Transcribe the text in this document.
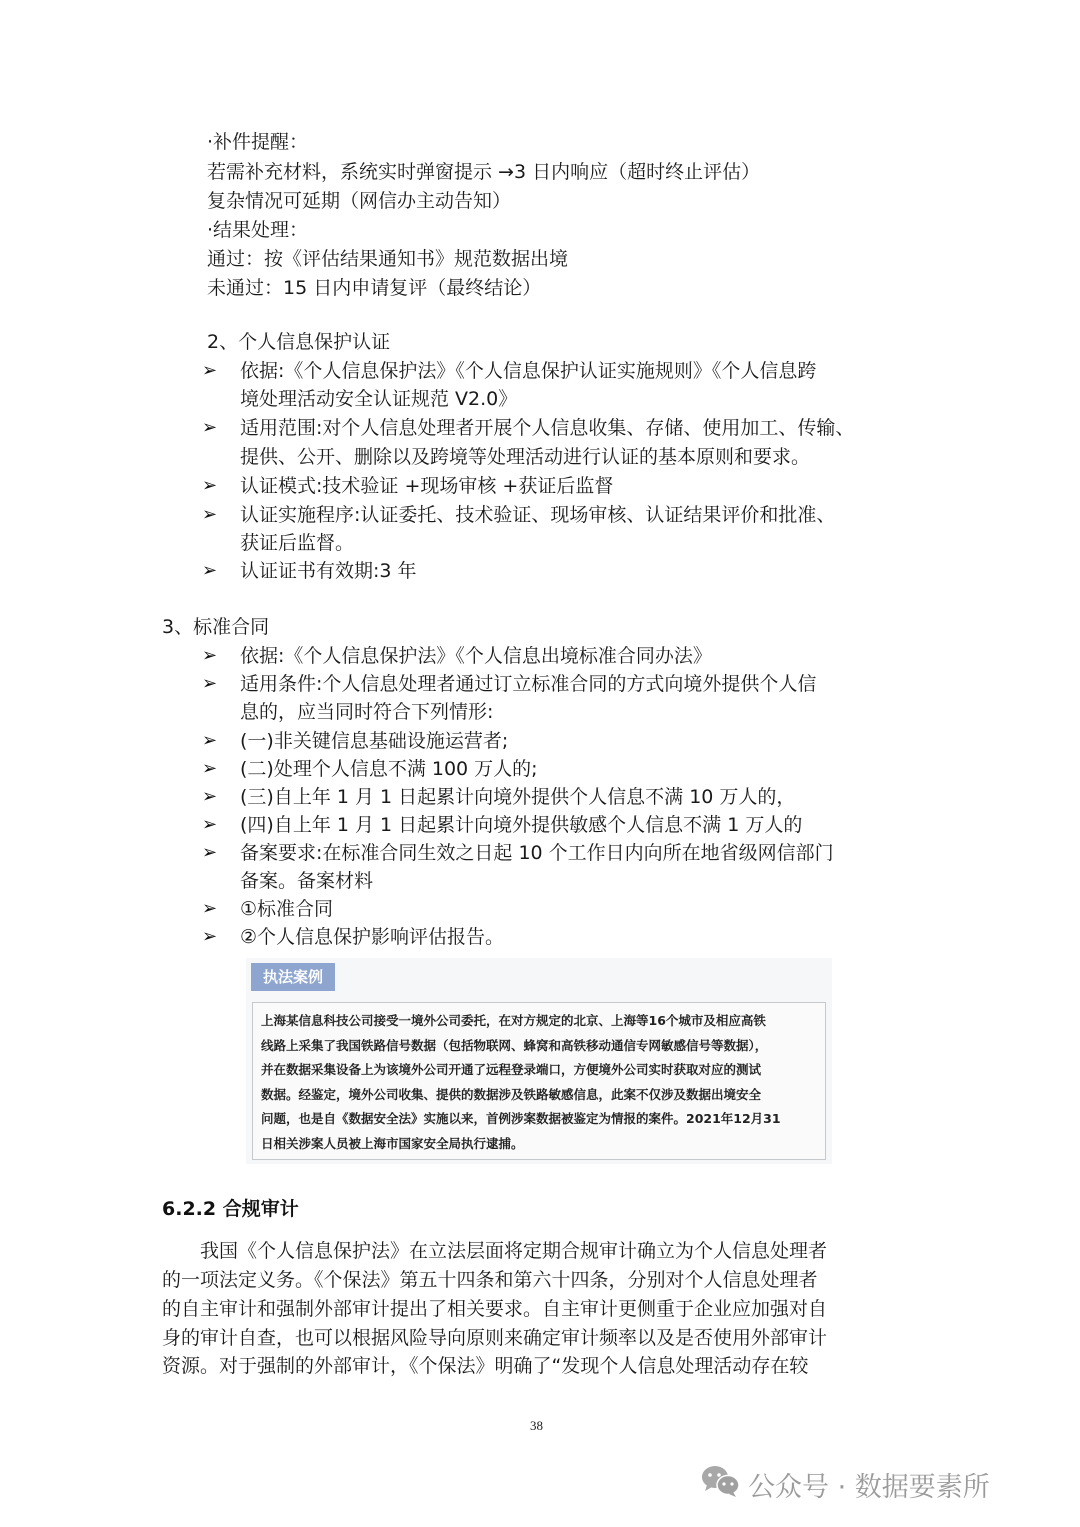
·补件提醒：
若需补充材料，系统实时弹窗提示 →3 日内响应（超时终止评估）
复杂情况可延期（网信办主动告知）
·结果处理：
通过：按《评估结果通知书》规范数据出境
未通过：15 日内申请复评（最终结论）
2、个人信息保护认证
➢ 依据:《个人信息保护法》《个人信息保护认证实施规则》《个人信息跨
境处理活动安全认证规范 V2.0》
➢ 适用范围:对个人信息处理者开展个人信息收集、存储、使用加工、传输、
提供、公开、删除以及跨境等处理活动进行认证的基本原则和要求。
➢ 认证模式:技术验证 +现场审核 +获证后监督
➢ 认证实施程序:认证委托、技术验证、现场审核、认证结果评价和批准、
获证后监督。
➢ 认证证书有效期:3 年
3、标准合同
➢ 依据:《个人信息保护法》《个人信息出境标准合同办法》
➢ 适用条件:个人信息处理者通过订立标准合同的方式向境外提供个人信
息的，应当同时符合下列情形:
➢ (一)非关键信息基础设施运营者;
➢ (二)处理个人信息不满 100 万人的;
➢ (三)自上年 1 月 1 日起累计向境外提供个人信息不满 10 万人的，
➢ (四)自上年 1 月 1 日起累计向境外提供敏感个人信息不满 1 万人的
➢ 备案要求:在标准合同生效之日起 10 个工作日内向所在地省级网信部门
备案。备案材料
➢ ①标准合同
➢ ②个人信息保护影响评估报告。
执法案例
上海某信息科技公司接受一境外公司委托，在对方规定的北京、上海等16个城市及相应高铁
线路上采集了我国铁路信号数据（包括物联网、蜂窝和高铁移动通信专网敏感信号等数据），
并在数据采集设备上为该境外公司开通了远程登录端口，方便境外公司实时获取对应的测试
数据。经鉴定，境外公司收集、提供的数据涉及铁路敏感信息，此案不仅涉及数据出境安全
问题，也是自《数据安全法》实施以来，首例涉案数据被鉴定为情报的案件。2021年12月31
日相关涉案人员被上海市国家安全局执行逮捕。
6.2.2 合规审计
我国《个人信息保护法》在立法层面将定期合规审计确立为个人信息处理者
的一项法定义务。《个保法》第五十四条和第六十四条，分别对个人信息处理者
的自主审计和强制外部审计提出了相关要求。自主审计更侧重于企业应加强对自
身的审计自查，也可以根据风险导向原则来确定审计频率以及是否使用外部审计
资源。对于强制的外部审计，《个保法》明确了“发现个人信息处理活动存在较
38
公众号 · 数据要素所
